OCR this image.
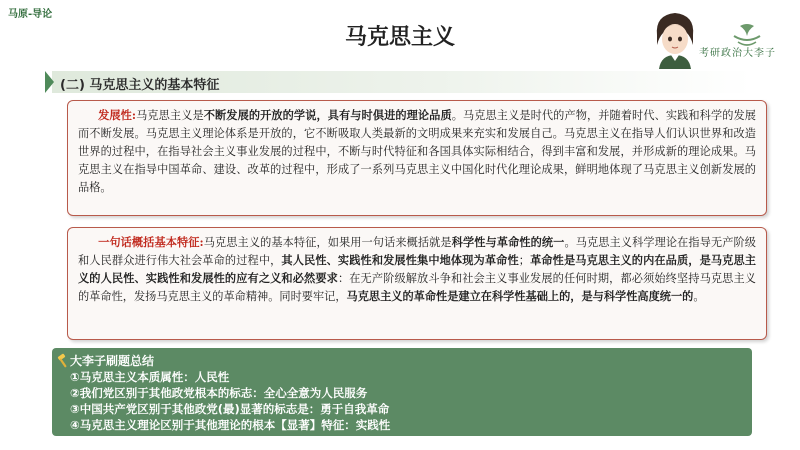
马原-导论
马克思主义
考研政治大李子
(二) 马克思主义的基本特征
发展性:马克思主义是不断发展的开放的学说，具有与时俱进的理论品质。马克思主义是时代的产物，并随着时代、实践和科学的发展而不断发展。马克思主义理论体系是开放的，它不断吸取人类最新的文明成果来充实和发展自己。马克思主义在指导人们认识世界和改造世界的过程中，在指导社会主义事业发展的过程中，不断与时代特征和各国具体实际相结合，得到丰富和发展，并形成新的理论成果。马克思主义在指导中国革命、建设、改革的过程中，形成了一系列马克思主义中国化时代化理论成果，鲜明地体现了马克思主义创新发展的品格。
一句话概括基本特征:马克思主义的基本特征，如果用一句话来概括就是科学性与革命性的统一。马克思主义科学理论在指导无产阶级和人民群众进行伟大社会革命的过程中，其人民性、实践性和发展性集中地体现为革命性；革命性是马克思主义的内在品质，是马克思主义的人民性、实践性和发展性的应有之义和必然要求：在无产阶级解放斗争和社会主义事业发展的任何时期，都必须始终坚持马克思主义的革命性，发扬马克思主义的革命精神。同时要牢记，马克思主义的革命性是建立在科学性基础上的，是与科学性高度统一的。
大李子刷题总结
①马克思主义本质属性：人民性
②我们党区别于其他政党根本的标志：全心全意为人民服务
③中国共产党区别于其他政党(最)显著的标志是：勇于自我革命
④马克思主义理论区别于其他理论的根本【显著】特征：实践性
